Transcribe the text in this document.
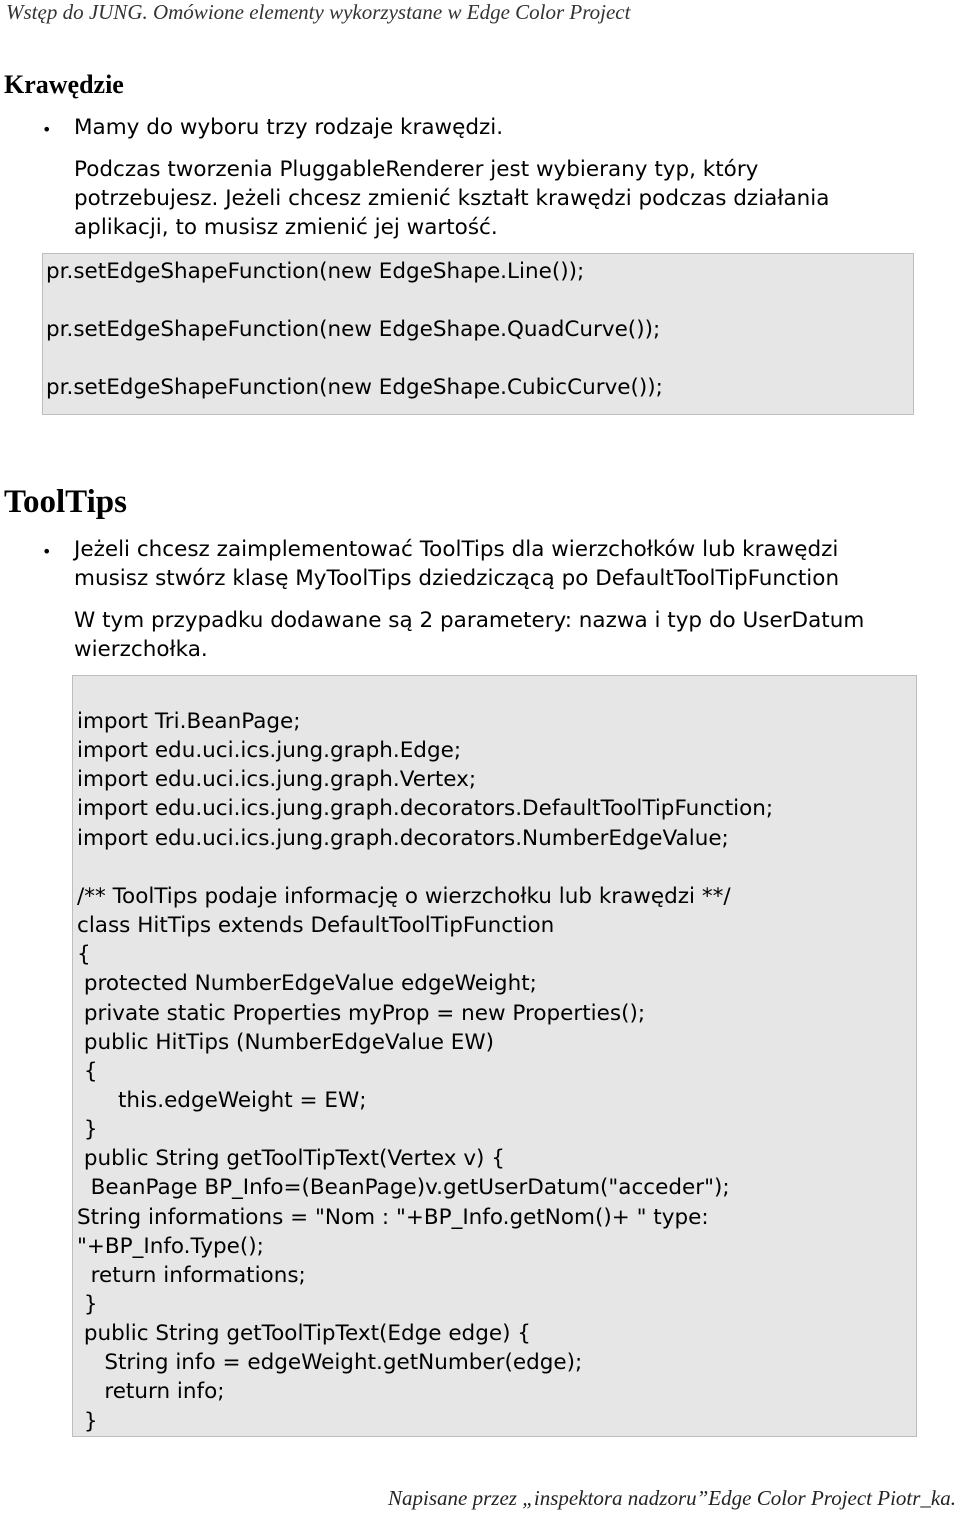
Wstęp do JUNG. Omówione elementy wykorzystane w Edge Color Project
Krawędzie
• Mamy do wyboru trzy rodzaje krawędzi.
Podczas tworzenia PluggableRenderer jest wybierany typ, który
potrzebujesz. Jeżeli chcesz zmienić kształt krawędzi podczas działania
aplikacji, to musisz zmienić jej wartość.
pr.setEdgeShapeFunction(new EdgeShape.Line());
pr.setEdgeShapeFunction(new EdgeShape.QuadCurve());
pr.setEdgeShapeFunction(new EdgeShape.CubicCurve());
ToolTips
• Jeżeli chcesz zaimplementować ToolTips dla wierzchołków lub krawędzi
musisz stwórz klasę MyToolTips dziedziczącą po DefaultToolTipFunction
W tym przypadku dodawane są 2 parametery: nazwa i typ do UserDatum
wierzchołka.
import Tri.BeanPage;
import edu.uci.ics.jung.graph.Edge;
import edu.uci.ics.jung.graph.Vertex;
import edu.uci.ics.jung.graph.decorators.DefaultToolTipFunction;
import edu.uci.ics.jung.graph.decorators.NumberEdgeValue;
/** ToolTips podaje informację o wierzchołku lub krawędzi **/
class HitTips extends DefaultToolTipFunction
{
protected NumberEdgeValue edgeWeight;
private static Properties myProp = new Properties();
public HitTips (NumberEdgeValue EW)
{
this.edgeWeight = EW;
}
public String getToolTipText(Vertex v) {
BeanPage BP_Info=(BeanPage)v.getUserDatum("acceder");
String informations = "Nom : "+BP_Info.getNom()+ " type:
"+BP_Info.Type();
return informations;
}
public String getToolTipText(Edge edge) {
String info = edgeWeight.getNumber(edge);
return info;
}
Napisane przez „inspektora nadzoru”Edge Color Project Piotr_ka.
